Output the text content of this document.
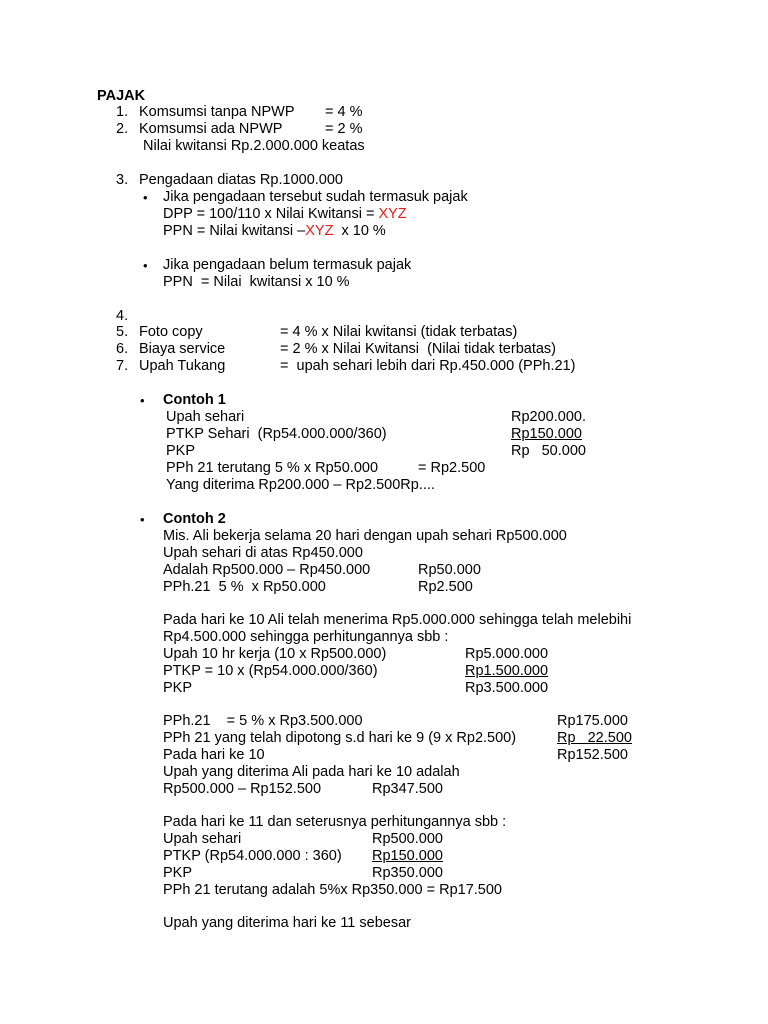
PAJAK
1. Komsumsi tanpa NPWP = 4 %
2. Komsumsi ada NPWP	= 2 %
Nilai kwitansi Rp.2.000.000 keatas
3. Pengadaan diatas Rp.1000.000
• Jika pengadaan tersebut sudah termasuk pajak
DPP = 100/110 x Nilai Kwitansi = XYZ
PPN = Nilai kwitansi –XYZ  x 10 %
• Jika pengadaan belum termasuk pajak
PPN  = Nilai  kwitansi x 10 %
4.
5. Foto copy	= 4 % x Nilai kwitansi (tidak terbatas)
6. Biaya service	= 2 % x Nilai Kwitansi  (Nilai tidak terbatas)
7. Upah Tukang	=  upah sehari lebih dari Rp.450.000 (PPh.21)
• Contoh 1
Upah sehari	Rp200.000.
PTKP Sehari  (Rp54.000.000/360)	Rp150.000
PKP	Rp   50.000
PPh 21 terutang 5 % x Rp50.000	= Rp2.500
Yang diterima Rp200.000 – Rp2.500Rp....
• Contoh 2
Mis. Ali bekerja selama 20 hari dengan upah sehari Rp500.000
Upah sehari di atas Rp450.000
Adalah Rp500.000 – Rp450.000	Rp50.000
PPh.21  5 %  x Rp50.000	Rp2.500
Pada hari ke 10 Ali telah menerima Rp5.000.000 sehingga telah melebihi
Rp4.500.000 sehingga perhitungannya sbb :
Upah 10 hr kerja (10 x Rp500.000)	Rp5.000.000
PTKP = 10 x (Rp54.000.000/360)	Rp1.500.000
PKP	Rp3.500.000
PPh.21    = 5 % x Rp3.500.000	Rp175.000
PPh 21 yang telah dipotong s.d hari ke 9 (9 x Rp2.500)	Rp   22.500
Pada hari ke 10	Rp152.500
Upah yang diterima Ali pada hari ke 10 adalah
Rp500.000 – Rp152.500	Rp347.500
Pada hari ke 11 dan seterusnya perhitungannya sbb :
Upah sehari	Rp500.000
PTKP (Rp54.000.000 : 360) Rp150.000
PKP	Rp350.000
PPh 21 terutang adalah 5%x Rp350.000 = Rp17.500
Upah yang diterima hari ke 11 sebesar
